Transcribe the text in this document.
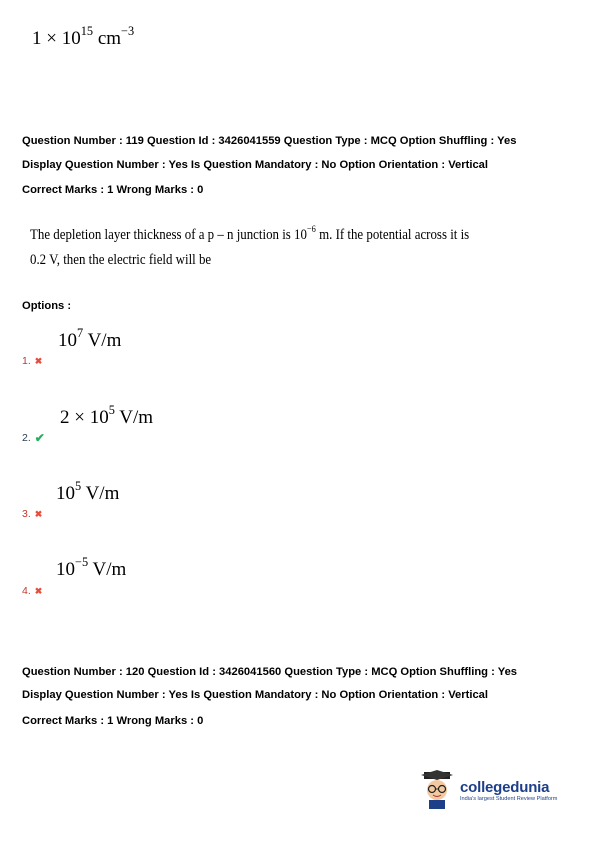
$1 \times 10^{15}$ $cm^{-3}$
Question Number : 119 Question Id : 3426041559 Question Type : MCQ Option Shuffling : Yes
Display Question Number : Yes Is Question Mandatory : No Option Orientation : Vertical
Correct Marks : 1 Wrong Marks : 0
The depletion layer thickness of a p – n junction is $10^{-6}$ m. If the potential across it is
0.2 V, then the electric field will be
Options :
$10^7$ V/m
1. ✖
$2 \times 10^5$ V/m
2. ✔
$10^5$ V/m
3. ✖
$10^{-5}$ V/m
4. ✖
Question Number : 120 Question Id : 3426041560 Question Type : MCQ Option Shuffling : Yes
Display Question Number : Yes Is Question Mandatory : No Option Orientation : Vertical
Correct Marks : 1 Wrong Marks : 0
collegedunia
India's largest Student Review Platform
